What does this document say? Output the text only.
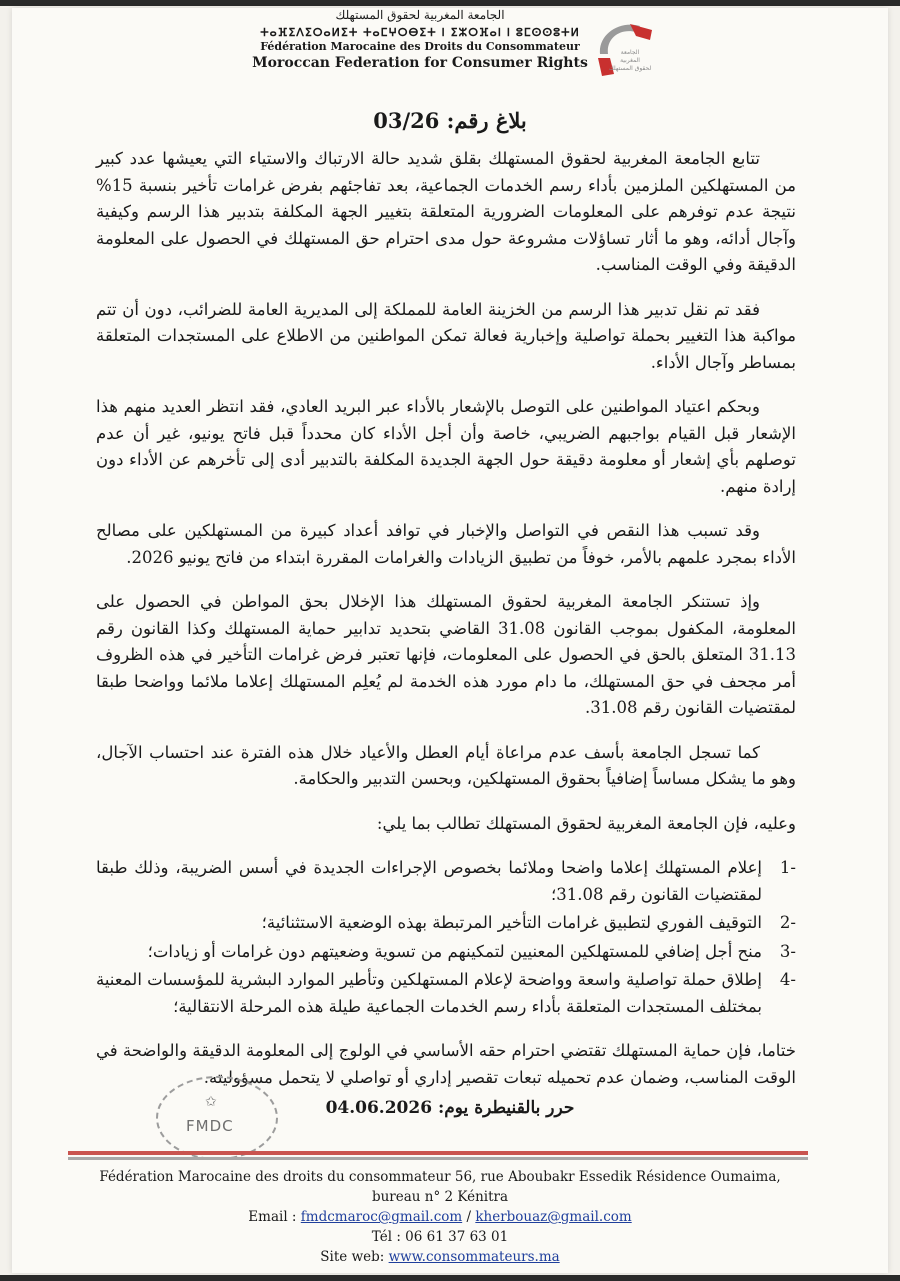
الجامعة المغربية لحقوق المستهلك
ⵜⴰⴼⵉⴷⵉⵔⴰⵍⵉⵜ ⵜⴰⵎⵖⵔⴱⵉⵜ ⵏ ⵉⵣⵔⴼⴰⵏ ⵏ ⵓⵎⵙⵙⵓⵜⵍ
Fédération Marocaine des Droits du Consommateur
Moroccan Federation for Consumer Rights
الجامعة
المغربية
لحقوق المستهلك
بلاغ رقم: 03/26

تتابع الجامعة المغربية لحقوق المستهلك بقلق شديد حالة الارتباك والاستياء التي يعيشها عدد كبير من المستهلكين الملزمين بأداء رسم الخدمات الجماعية، بعد تفاجئهم بفرض غرامات تأخير بنسبة 15% نتيجة عدم توفرهم على المعلومات الضرورية المتعلقة بتغيير الجهة المكلفة بتدبير هذا الرسم وكيفية وآجال أدائه، وهو ما أثار تساؤلات مشروعة حول مدى احترام حق المستهلك في الحصول على المعلومة الدقيقة وفي الوقت المناسب.

فقد تم نقل تدبير هذا الرسم من الخزينة العامة للمملكة إلى المديرية العامة للضرائب، دون أن تتم مواكبة هذا التغيير بحملة تواصلية وإخبارية فعالة تمكن المواطنين من الاطلاع على المستجدات المتعلقة بمساطر وآجال الأداء.

وبحكم اعتياد المواطنين على التوصل بالإشعار بالأداء عبر البريد العادي، فقد انتظر العديد منهم هذا الإشعار قبل القيام بواجبهم الضريبي، خاصة وأن أجل الأداء كان محدداً قبل فاتح يونيو، غير أن عدم توصلهم بأي إشعار أو معلومة دقيقة حول الجهة الجديدة المكلفة بالتدبير أدى إلى تأخرهم عن الأداء دون إرادة منهم.

وقد تسبب هذا النقص في التواصل والإخبار في توافد أعداد كبيرة من المستهلكين على مصالح الأداء بمجرد علمهم بالأمر، خوفاً من تطبيق الزيادات والغرامات المقررة ابتداء من فاتح يونيو 2026.

وإذ تستنكر الجامعة المغربية لحقوق المستهلك هذا الإخلال بحق المواطن في الحصول على المعلومة، المكفول بموجب القانون 31.08 القاضي بتحديد تدابير حماية المستهلك وكذا القانون رقم 31.13 المتعلق بالحق في الحصول على المعلومات، فإنها تعتبر فرض غرامات التأخير في هذه الظروف أمر مجحف في حق المستهلك، ما دام مورد هذه الخدمة لم يُعلِم المستهلك إعلاما ملائما وواضحا طبقا لمقتضيات القانون رقم 31.08.

كما تسجل الجامعة بأسف عدم مراعاة أيام العطل والأعياد خلال هذه الفترة عند احتساب الآجال، وهو ما يشكل مساساً إضافياً بحقوق المستهلكين، وبحسن التدبير والحكامة.

وعليه، فإن الجامعة المغربية لحقوق المستهلك تطالب بما يلي:

-1
إعلام المستهلك إعلاما واضحا وملائما بخصوص الإجراءات الجديدة في أسس الضريبة، وذلك طبقا لمقتضيات القانون رقم 31.08؛
-2
التوقيف الفوري لتطبيق غرامات التأخير المرتبطة بهذه الوضعية الاستثنائية؛
-3
منح أجل إضافي للمستهلكين المعنيين لتمكينهم من تسوية وضعيتهم دون غرامات أو زيادات؛
-4
إطلاق حملة تواصلية واسعة وواضحة لإعلام المستهلكين وتأطير الموارد البشرية للمؤسسات المعنية بمختلف المستجدات المتعلقة بأداء رسم الخدمات الجماعية طيلة هذه المرحلة الانتقالية؛

ختاما، فإن حماية المستهلك تقتضي احترام حقه الأساسي في الولوج إلى المعلومة الدقيقة والواضحة في الوقت المناسب، وضمان عدم تحميله تبعات تقصير إداري أو تواصلي لا يتحمل مسؤوليته.

✩
FMDC
حرر بالقنيطرة يوم: 04.06.2026
Fédération Marocaine des droits du consommateur 56, rue Aboubakr Essedik Résidence Oumaima,
bureau n° 2 Kénitra
Email : fmdcmaroc@gmail.com / kherbouaz@gmail.com
Tél : 06 61 37 63 01
Site web: www.consommateurs.ma
